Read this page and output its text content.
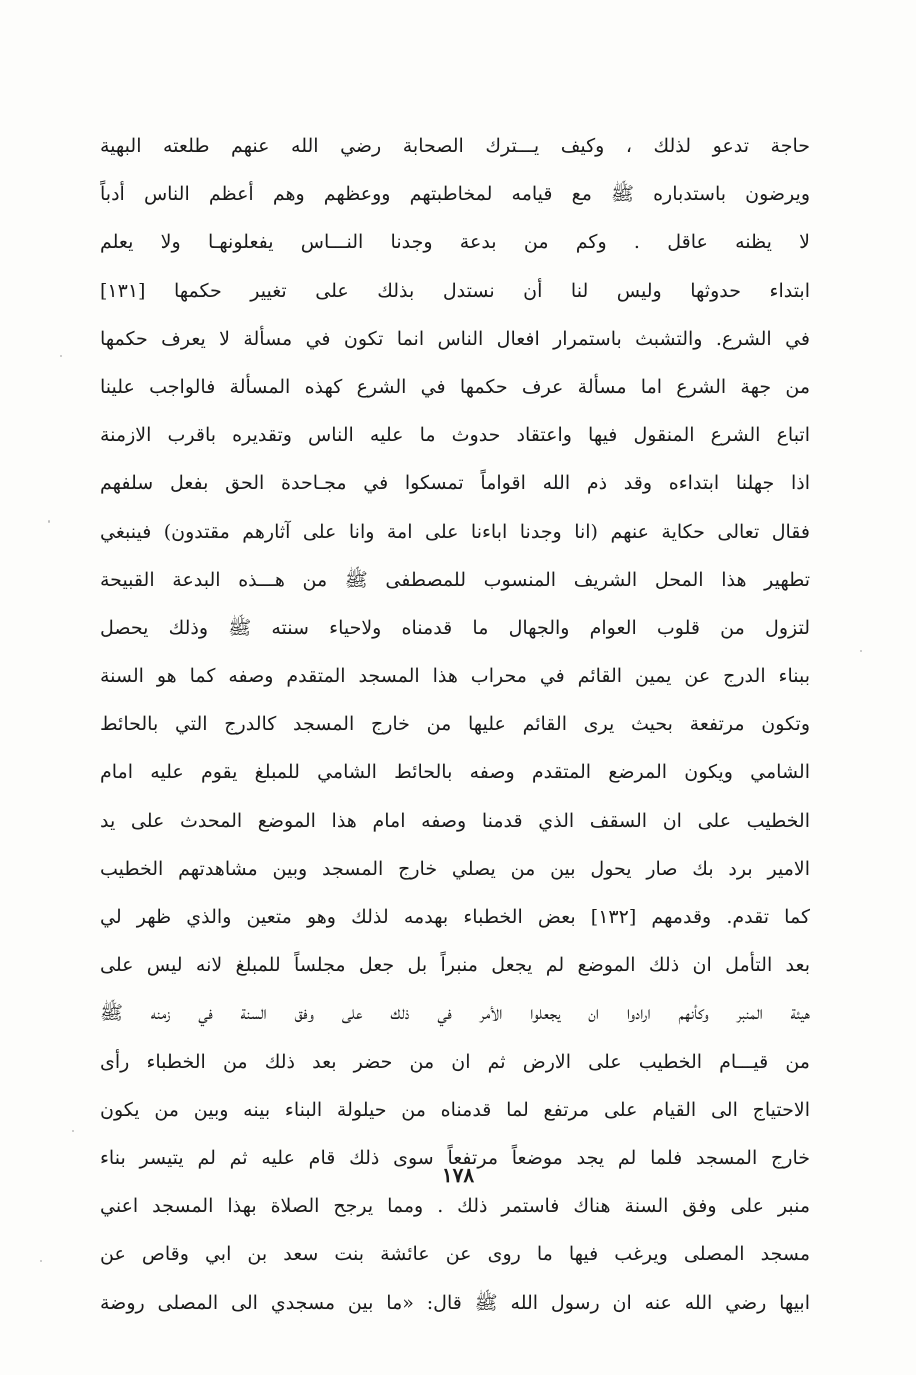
حاجة تدعو لذلك ، وكيف يـــترك الصحابة رضي الله عنهم طلعته البهية
ويرضون باستدباره ﷺ مع قيامه لمخاطبتهم ووعظهم وهم أعظم الناس أدباً
لا يظنه عاقل . وكم من بدعة وجدنا النـــاس يفعلونهـا ولا يعلم
ابتداء حدوثها وليس لنا أن نستدل بذلك على تغيير حكمها [١٣١]
في الشرع. والتشبث باستمرار افعال الناس انما تكون في مسألة لا يعرف حكمها
من جهة الشرع اما مسألة عرف حكمها في الشرع كهذه المسألة فالواجب علينا
اتباع الشرع المنقول فيها واعتقاد حدوث ما عليه الناس وتقديره باقرب الازمنة
اذا جهلنا ابتداءه وقد ذم الله اقواماً تمسكوا في مجـاحدة الحق بفعل سلفهم
فقال تعالى حكاية عنهم (انا وجدنا اباءنا على امة وانا على آثارهم مقتدون) فينبغي
تطهير هذا المحل الشريف المنسوب للمصطفى ﷺ من هـــذه البدعة القبيحة
لتزول من قلوب العوام والجهال ما قدمناه ولاحياء سنته ﷺ وذلك يحصل
ببناء الدرج عن يمين القائم في محراب هذا المسجد المتقدم وصفه كما هو السنة
وتكون مرتفعة بحيث يرى القائم عليها من خارج المسجد كالدرج التي بالحائط
الشامي ويكون المرضع المتقدم وصفه بالحائط الشامي للمبلغ يقوم عليه امام
الخطيب على ان السقف الذي قدمنا وصفه امام هذا الموضع المحدث على يد
الامير برد بك صار يحول بين من يصلي خارج المسجد وبين مشاهدتهم الخطيب
كما تقدم. وقدمهم [١٣٢] بعض الخطباء بهدمه لذلك وهو متعين والذي ظهر لي
بعد التأمل ان ذلك الموضع لم يجعل منبراً بل جعل مجلساً للمبلغ لانه ليس على
هيئة المنبر وكأنهم ارادوا ان يجعلوا الأمر في ذلك على وفق السنة في زمنه ﷺ
من قيـــام الخطيب على الارض ثم ان من حضر بعد ذلك من الخطباء رأى
الاحتياج الى القيام على مرتفع لما قدمناه من حيلولة البناء بينه وبين من يكون
خارج المسجد فلما لم يجد موضعاً مرتفعاً سوى ذلك قام عليه ثم لم يتيسر بناء
منبر على وفق السنة هناك فاستمر ذلك . ومما يرجح الصلاة بهذا المسجد اعني
مسجد المصلى ويرغب فيها ما روى عن عائشة بنت سعد بن ابي وقاص عن
ابيها رضي الله عنه ان رسول الله ﷺ قال: «ما بين مسجدي الى المصلى روضة
١٧٨
